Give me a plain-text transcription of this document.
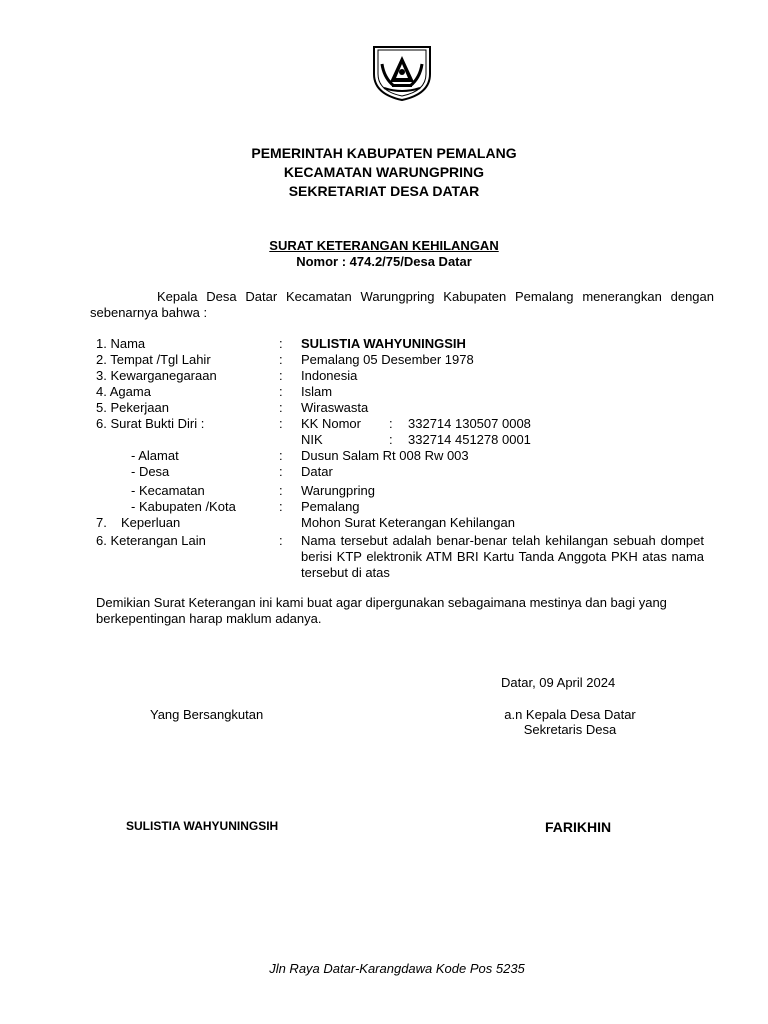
PEMERINTAH KABUPATEN PEMALANG
KECAMATAN WARUNGPRING
SEKRETARIAT DESA DATAR
SURAT KETERANGAN KEHILANGAN
Nomor : 474.2/75/Desa Datar
Kepala Desa Datar Kecamatan Warungpring Kabupaten Pemalang menerangkan dengan sebenarnya bahwa :
1. Nama	: SULISTIA WAHYUNINGSIH
2. Tempat /Tgl Lahir	: Pemalang 05 Desember 1978
3. Kewarganegaraan	: Indonesia
4. Agama	: Islam
5. Pekerjaan	: Wiraswasta
6. Surat Bukti Diri :	: KK Nomor : 332714 130507 0008
NIK	: 332714 451278 0001
- Alamat	: Dusun Salam Rt 008 Rw 003
- Desa	: Datar
- Kecamatan	: Warungpring
- Kabupaten /Kota	: Pemalang
7. Keperluan	Mohon Surat Keterangan Kehilangan
6. Keterangan Lain	: Nama tersebut adalah benar-benar telah kehilangan sebuah dompet berisi KTP elektronik ATM BRI Kartu Tanda Anggota PKH atas nama tersebut di atas
Demikian Surat Keterangan ini kami buat agar dipergunakan sebagaimana mestinya dan bagi yang berkepentingan harap maklum adanya.
Datar, 09 April 2024
Yang Bersangkutan	a.n Kepala Desa Datar
Sekretaris Desa
SULISTIA WAHYUNINGSIH	FARIKHIN
Jln Raya Datar-Karangdawa Kode Pos 5235
